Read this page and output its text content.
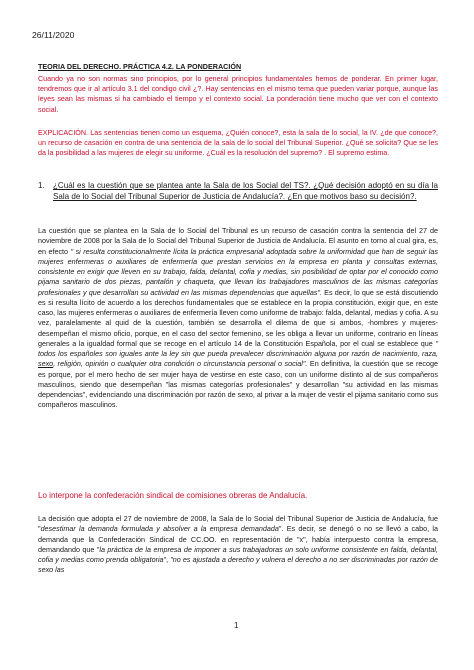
26/11/2020
TEORIA DEL DERECHO. PRÁCTICA 4.2. LA PONDERACIÓN
Cuando ya no son normas sino principios, por lo general principios fundamentales hemos de ponderar. En primer lugar, tendremos que ir al artículo 3.1 del condigo civil ¿?. Hay sentencias en el mismo tema que pueden variar porque, aunque las leyes sean las mismas si ha cambiado el tiempo y el contexto social. La ponderación tiene mucho que ver con el contexto social.
EXPLICACIÓN. Las sentencias tienen como un esquema, ¿Quién conoce?, esta la sala de lo social, la IV. ¿de que conoce?, un recurso de casación en contra de una sentencia de la sala de lo social del Tribunal Superior. ¿Qué se solicita? Que se les da la posibilidad a las mujeres de elegir su uniforme. ¿Cuál es la resolución del supremo? . El supremo estima.
1.	¿Cuál es la cuestión que se plantea ante la Sala de los Social del TS?. ¿Qué decisión adoptó en su día la Sala de lo Social del Tribunal Superior de Justicia de Andalucía?. ¿En que motivos baso su decisión?.
La cuestión que se plantea en la Sala de lo Social del Tribunal es un recurso de casación contra la sentencia del 27 de noviembre de 2008 por la Sala de lo Social del Tribunal Superior de Justicia de Andalucía. El asunto en torno al cual gira, es, en efecto " si resulta constitucionalmente lícita la práctica empresarial adoptada sobre la uniformidad que han de seguir las mujeres enfermeras o auxiliares de enfermería que prestan servicios en la empresa en planta y consultas externas, consistente en exigir que lleven en su trabajo, falda, delantal, cofia y medias, sin posibilidad de optar por el conocido como pijama sanitario de dos piezas, pantalón y chaqueta, que llevan los trabajadores masculinos de las mismas categorías profesionales y que desarrollan su actividad en las mismas dependencias que aquellas". Es decir, lo que se está discutiendo es si resulta lícito de acuerdo a los derechos fundamentales que se establece en la propia constitución, exigir que, en este caso, las mujeres enfermeras o auxiliares de enfermería lleven como uniforme de trabajo: falda, delantal, medias y cofia. A su vez, paralelamente al quid de la cuestión, también se desarrolla el dilema de que si ambos, -hombres y mujeres- desempeñan el mismo oficio, porque, en el caso del sector femenino, se les obliga a llevar un uniforme, contrario en líneas generales a la igualdad formal que se recoge en el artículo 14 de la Constitución Española, por el cual se establece que " todos los españoles son iguales ante la ley sin que pueda prevalecer discriminación alguna por razón de nacimiento, raza, sexo, religión, opinión o cualquier otra condición o circunstancia personal o social". En definitiva, la cuestión que se recoge es porque, por el mero hecho de ser mujer haya de vestirse en este caso, con un uniforme distinto al de sus compañeros masculinos, siendo que desempeñan "las mismas categorías profesionales" y desarrollan "su actividad en las mismas dependencias", evidenciando una discriminación por razón de sexo, al privar a la mujer de vestir el pijama sanitario como sus compañeros masculinos.
Lo interpone la confederación sindical de comisiones obreras de Andalucía.
La decisión que adopta el 27 de noviembre de 2008, la Sala de lo Social del Tribunal Superior de Justicia de Andalucía, fue "desestimar la demanda formulada y absolver a la empresa demandada". Es decir, se denegó o no se llevó a cabo, la demanda que la Confederación Sindical de CC.OO. en representación de "x", había interpuesto contra la empresa, demandando que "la práctica de la empresa de imponer a sus trabajadoras un solo uniforme consistente en falda, delantal, cofia y medias como prenda obligatoria", "no es ajustada a derecho y vulnera el derecho a no ser discriminadas por razón de sexo las
1
